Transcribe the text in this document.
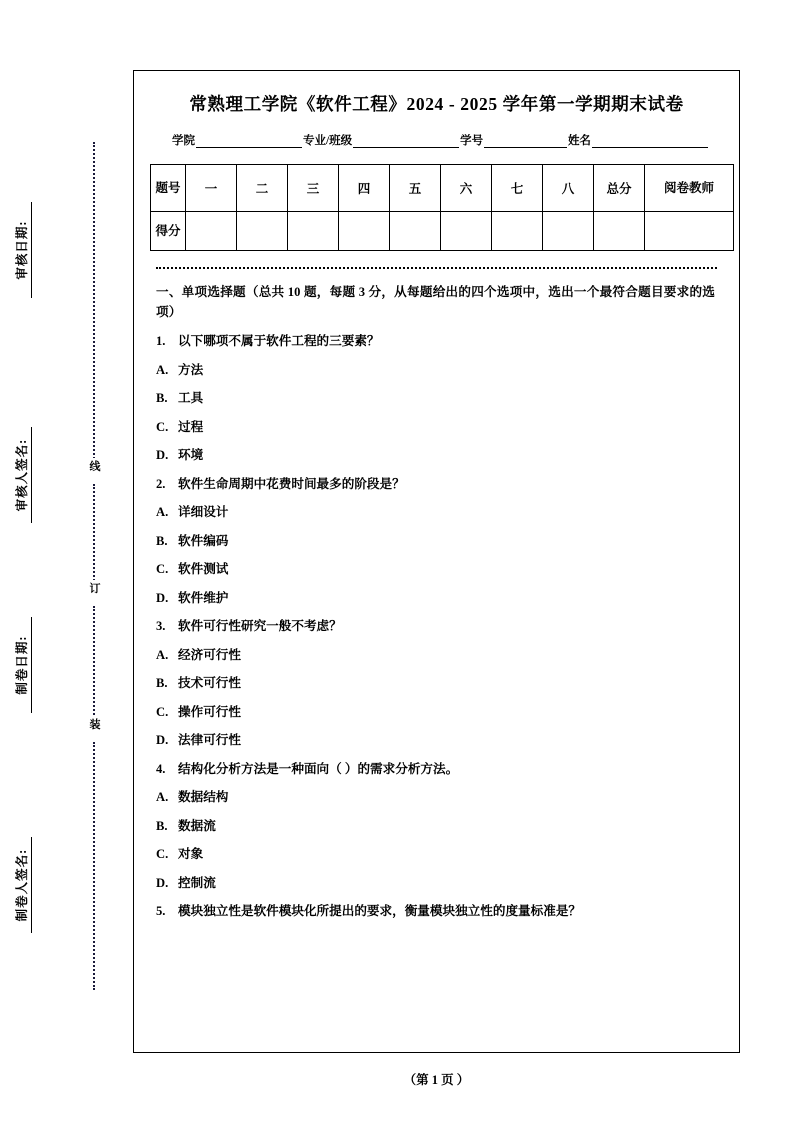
审核日期:
审核人签名:
制卷日期:
制卷人签名:
线
订
装
常熟理工学院《软件工程》2024 - 2025 学年第一学期期末试卷
学院	专业/班级	学号	姓名
题号	一	二	三	四	五	六	七	八	总分	阅卷教师
得分										
一、单项选择题（总共 10 题，每题 3 分，从每题给出的四个选项中，选出一个最符合题目要求的选项）
1. 以下哪项不属于软件工程的三要素？
A. 方法
B. 工具
C. 过程
D. 环境
2. 软件生命周期中花费时间最多的阶段是？
A. 详细设计
B. 软件编码
C. 软件测试
D. 软件维护
3. 软件可行性研究一般不考虑？
A. 经济可行性
B. 技术可行性
C. 操作可行性
D. 法律可行性
4. 结构化分析方法是一种面向（ ）的需求分析方法。
A. 数据结构
B. 数据流
C. 对象
D. 控制流
5. 模块独立性是软件模块化所提出的要求，衡量模块独立性的度量标准是？
（第 1 页 ）
